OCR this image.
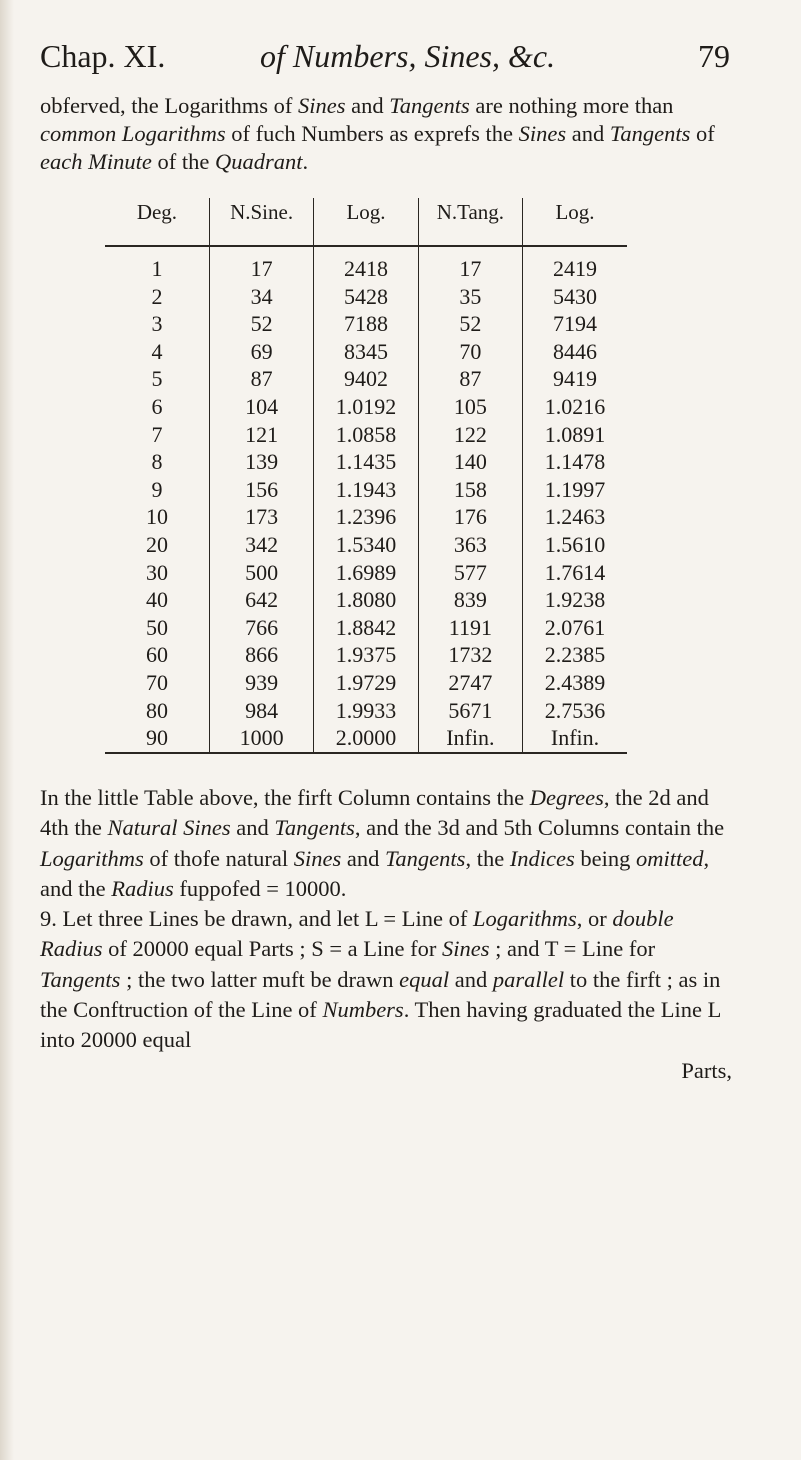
Chap. XI.	of Numbers, Sines, &c.	79
obferved, the Logarithms of Sines and Tangents are nothing more than common Logarithms of fuch Numbers as exprefs the Sines and Tangents of each Minute of the Quadrant.
Deg.	N.Sine.	Log.	N.Tang.	Log.
1	17	2418	17	2419
2	34	5428	35	5430
3	52	7188	52	7194
4	69	8345	70	8446
5	87	9402	87	9419
6	104	1.0192	105	1.0216
7	121	1.0858	122	1.0891
8	139	1.1435	140	1.1478
9	156	1.1943	158	1.1997
10	173	1.2396	176	1.2463
20	342	1.5340	363	1.5610
30	500	1.6989	577	1.7614
40	642	1.8080	839	1.9238
50	766	1.8842	1191	2.0761
60	866	1.9375	1732	2.2385
70	939	1.9729	2747	2.4389
80	984	1.9933	5671	2.7536
90	1000	2.0000	Infin.	Infin.

In the little Table above, the firft Column contains the Degrees, the 2d and 4th the Natural Sines and Tangents, and the 3d and 5th Columns contain the Logarithms of thofe natural Sines and Tangents, the Indices being omitted, and the Radius fuppofed = 10000.

9. Let three Lines be drawn, and let L = Line of Logarithms, or double Radius of 20000 equal Parts ; S = a Line for Sines ; and T = Line for Tangents ; the two latter muft be drawn equal and parallel to the firft ; as in the Conftruction of the Line of Numbers. Then having graduated the Line L into 20000 equal

Parts,
